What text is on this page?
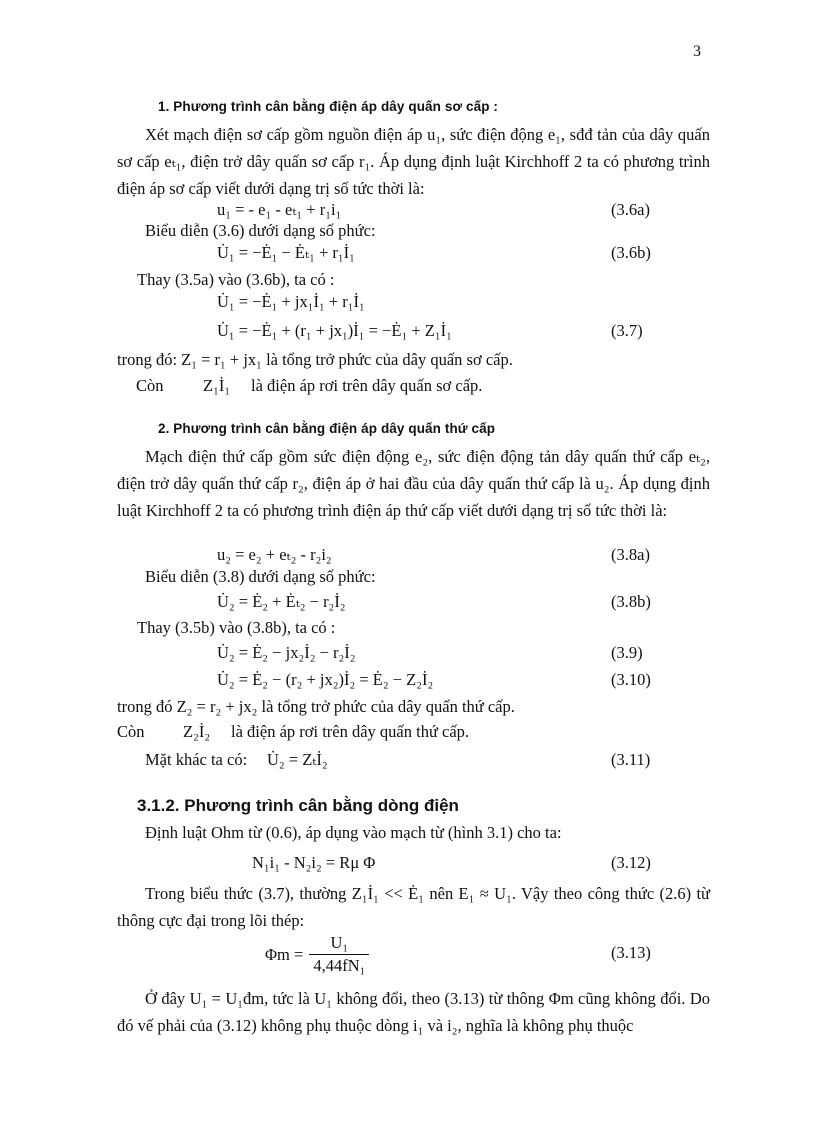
3
1. Phương trình cân bằng điện áp dây quấn sơ cấp :
Xét mạch điện sơ cấp gồm nguồn điện áp u₁, sức điện động e₁, sđđ tản của dây quấn sơ cấp eₜ₁, điện trở dây quấn sơ cấp r₁. Áp dụng định luật Kirchhoff 2 ta có phương trình điện áp sơ cấp viết dưới dạng trị số tức thời là:
u₁ = - e₁ - eₜ₁ + r₁i₁	(3.6a)
Biểu diễn (3.6) dưới dạng số phức:
U̇₁ = −Ė₁ − Ėₜ₁ + r₁İ₁	(3.6b)
Thay (3.5a) vào (3.6b), ta có :
U̇₁ = −Ė₁ + jx₁İ₁ + r₁İ₁
U̇₁ = −Ė₁ + (r₁ + jx₁)İ₁ = −Ė₁ + Z₁İ₁	(3.7)
trong đó: Z₁ = r₁ + jx₁ là tổng trở phức của dây quấn sơ cấp.
Còn Z₁İ₁ là điện áp rơi trên dây quấn sơ cấp.
2. Phương trình cân bằng điện áp dây quấn thứ cấp
Mạch điện thứ cấp gồm sức điện động e₂, sức điện động tản dây quấn thứ cấp eₜ₂, điện trở dây quấn thứ cấp r₂, điện áp ở hai đầu của dây quấn thứ cấp là u₂. Áp dụng định luật Kirchhoff 2 ta có phương trình điện áp thứ cấp viết dưới dạng trị số tức thời là:
u₂ = e₂ + eₜ₂ - r₂i₂	(3.8a)
Biểu diễn (3.8) dưới dạng số phức:
U̇₂ = Ė₂ + Ėₜ₂ − r₂İ₂	(3.8b)
Thay (3.5b) vào (3.8b), ta có :
U̇₂ = Ė₂ − jx₂İ₂ − r₂İ₂	(3.9)
U̇₂ = Ė₂ − (r₂ + jx₂)İ₂ = Ė₂ − Z₂İ₂	(3.10)
trong đó Z₂ = r₂ + jx₂ là tổng trở phức của dây quấn thứ cấp.
Còn Z₂İ₂ là điện áp rơi trên dây quấn thứ cấp.
Mặt khác ta có: U̇₂ = Zₜİ₂	(3.11)
3.1.2. Phương trình cân bằng dòng điện
Định luật Ohm từ (0.6), áp dụng vào mạch từ (hình 3.1) cho ta:
N₁i₁ - N₂i₂ = Rμ Φ	(3.12)
Trong biểu thức (3.7), thường Z₁İ₁ << Ė₁ nên E₁ ≈ U₁. Vậy theo công thức (2.6) từ thông cực đại trong lõi thép:
$\Phi m = \frac{\text{U₁}}{\text{4,44fN₁}}$	(3.13)
Ở đây U₁ = U₁đm, tức là U₁ không đổi, theo (3.13) từ thông Φm cũng không đổi. Do đó vế phải của (3.12) không phụ thuộc dòng i₁ và i₂, nghĩa là không phụ thuộc
